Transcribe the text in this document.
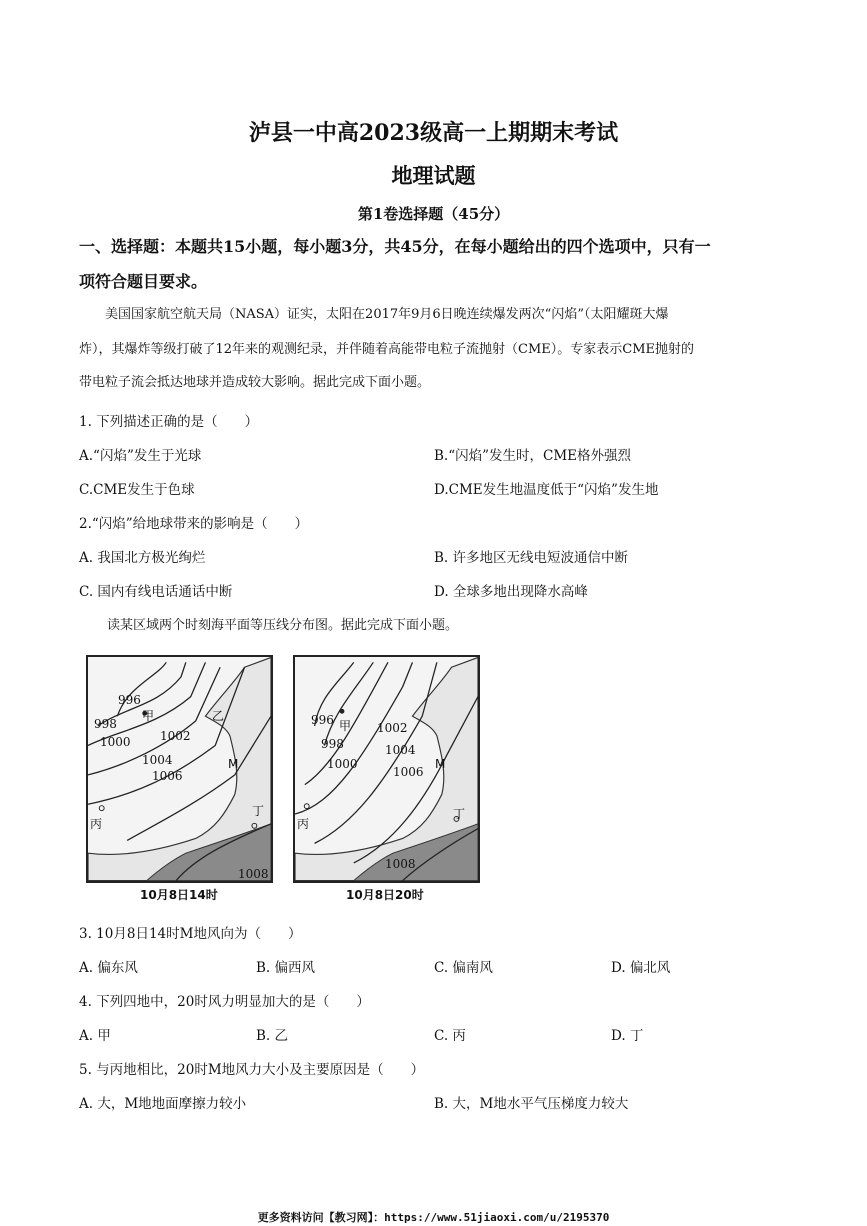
泸县一中高2023级高一上期期末考试
地理试题
第1卷选择题（45分）
一、选择题：本题共15小题，每小题3分，共45分，在每小题给出的四个选项中，只有一
项符合题目要求。
美国国家航空航天局（NASA）证实，太阳在2017年9月6日晚连续爆发两次“闪焰”（太阳耀斑大爆
炸），其爆炸等级打破了12年来的观测纪录，并伴随着高能带电粒子流抛射（CME）。专家表示CME抛射的
带电粒子流会抵达地球并造成较大影响。据此完成下面小题。
1. 下列描述正确的是（　　）
A.“闪焰”发生于光球	B.“闪焰”发生时，CME格外强烈
C.CME发生于色球	D.CME发生地温度低于“闪焰”发生地
2.“闪焰”给地球带来的影响是（　　）
A. 我国北方极光绚烂	B. 许多地区无线电短波通信中断
C. 国内有线电话通话中断	D. 全球多地出现降水高峰
读某区域两个时刻海平面等压线分布图。据此完成下面小题。
996
998
1000 1002
1004
1006
1008
甲	乙
丙
丁
M
10月8日14时
996
998
1000
1002
1004
1006
1008
甲
丙
丁
M
10月8日20时
3. 10月8日14时M地风向为（　　）
A. 偏东风	B. 偏西风	C. 偏南风	D. 偏北风
4. 下列四地中，20时风力明显加大的是（　　）
A. 甲	B. 乙	C. 丙	D. 丁
5. 与丙地相比，20时M地风力大小及主要原因是（　　）
A. 大，M地地面摩擦力较小	B. 大，M地水平气压梯度力较大
更多资料访问【教习网】：https://www.51jiaoxi.com/u/2195370
